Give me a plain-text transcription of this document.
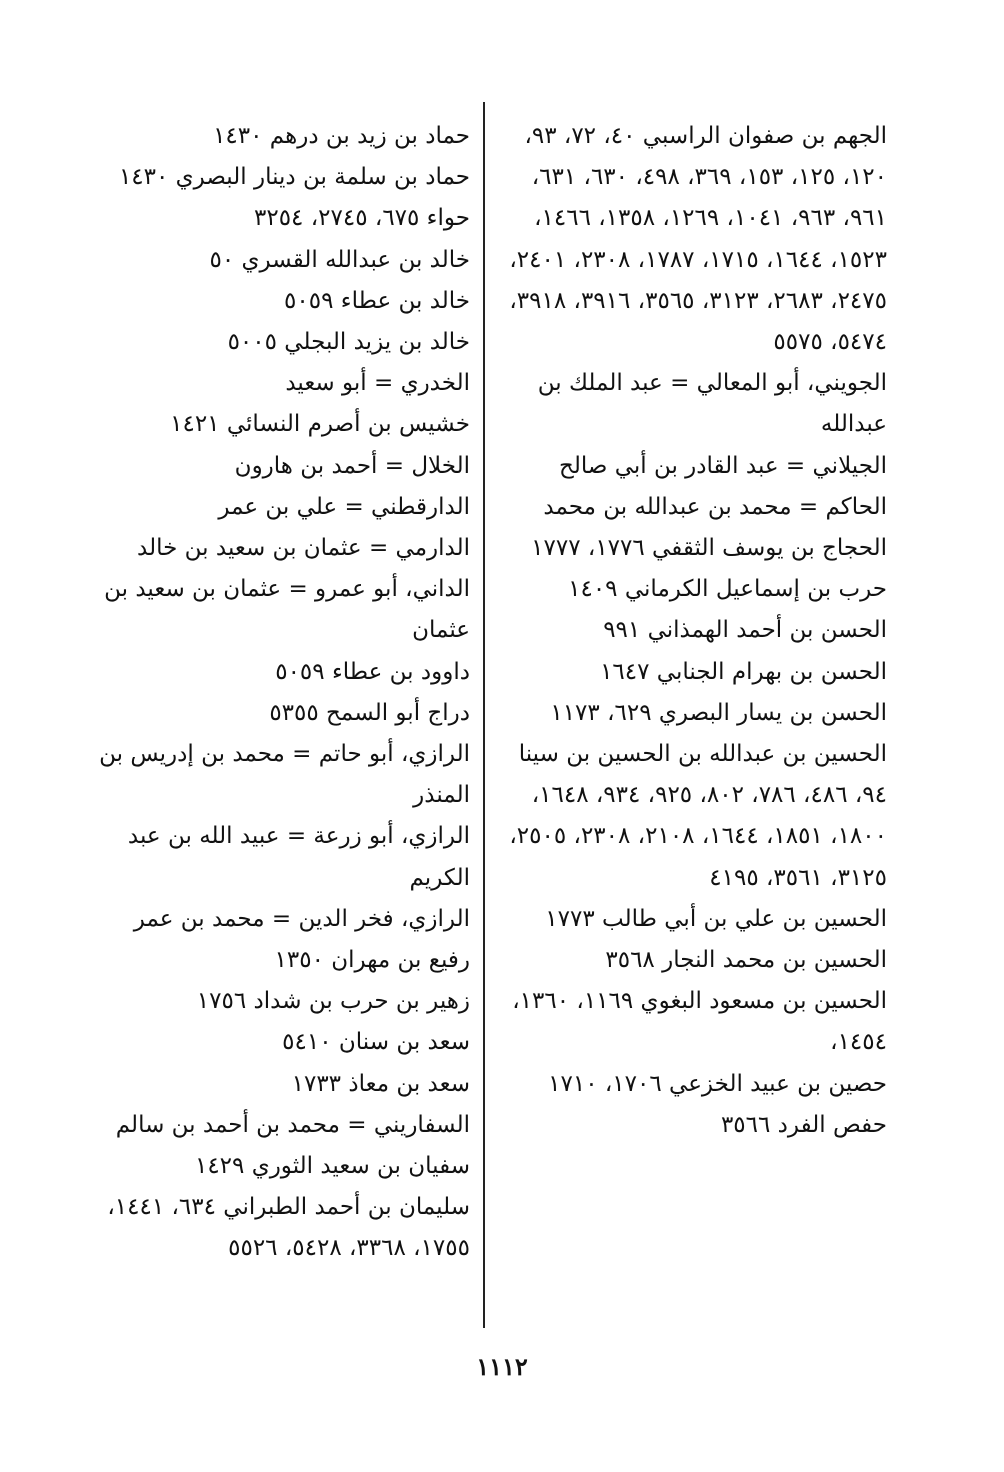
الجهم بن صفوان الراسبي ٤٠، ٧٢، ٩٣، ١٢٠، ١٢٥، ١٥٣، ٣٦٩، ٤٩٨، ٦٣٠، ٦٣١، ٩٦١، ٩٦٣، ١٠٤١، ١٢٦٩، ١٣٥٨، ١٤٦٦، ١٥٢٣، ١٦٤٤، ١٧١٥، ١٧٨٧، ٢٣٠٨، ٢٤٠١، ٢٤٧٥، ٢٦٨٣، ٣١٢٣، ٣٥٦٥، ٣٩١٦، ٣٩١٨، ٥٤٧٤، ٥٥٧٥

الجويني، أبو المعالي = عبد الملك بن عبدالله

الجيلاني = عبد القادر بن أبي صالح

الحاكم = محمد بن عبدالله بن محمد

الحجاج بن يوسف الثقفي ١٧٧٦، ١٧٧٧

حرب بن إسماعيل الكرماني ١٤٠٩

الحسن بن أحمد الهمذاني ٩٩١

الحسن بن بهرام الجنابي ١٦٤٧

الحسن بن يسار البصري ٦٢٩، ١١٧٣

الحسين بن عبدالله بن الحسين بن سينا ٩٤، ٤٨٦، ٧٨٦، ٨٠٢، ٩٢٥، ٩٣٤، ١٦٤٨، ١٨٠٠، ١٨٥١، ١٦٤٤، ٢١٠٨، ٢٣٠٨، ٢٥٠٥، ٣١٢٥، ٣٥٦١، ٤١٩٥

الحسين بن علي بن أبي طالب ١٧٧٣

الحسين بن محمد النجار ٣٥٦٨

الحسين بن مسعود البغوي ١١٦٩، ١٣٦٠، ١٤٥٤،

حصين بن عبيد الخزعي ١٧٠٦، ١٧١٠

حفص الفرد ٣٥٦٦

حماد بن زيد بن درهم ١٤٣٠

حماد بن سلمة بن دينار البصري ١٤٣٠

حواء ٦٧٥، ٢٧٤٥، ٣٢٥٤

خالد بن عبدالله القسري ٥٠

خالد بن عطاء ٥٠٥٩

خالد بن يزيد البجلي ٥٠٠٥

الخدري = أبو سعيد

خشيس بن أصرم النسائي ١٤٢١

الخلال = أحمد بن هارون

الدارقطني = علي بن عمر

الدارمي = عثمان بن سعيد بن خالد

الداني، أبو عمرو = عثمان بن سعيد بن عثمان

داوود بن عطاء ٥٠٥٩

دراج أبو السمح ٥٣٥٥

الرازي، أبو حاتم = محمد بن إدريس بن المنذر

الرازي، أبو زرعة = عبيد الله بن عبد الكريم

الرازي، فخر الدين = محمد بن عمر

رفيع بن مهران ١٣٥٠

زهير بن حرب بن شداد ١٧٥٦

سعد بن سنان ٥٤١٠

سعد بن معاذ ١٧٣٣

السفاريني = محمد بن أحمد بن سالم

سفيان بن سعيد الثوري ١٤٢٩

سليمان بن أحمد الطبراني ٦٣٤، ١٤٤١، ١٧٥٥، ٣٣٦٨، ٥٤٢٨، ٥٥٢٦

١١١٢
